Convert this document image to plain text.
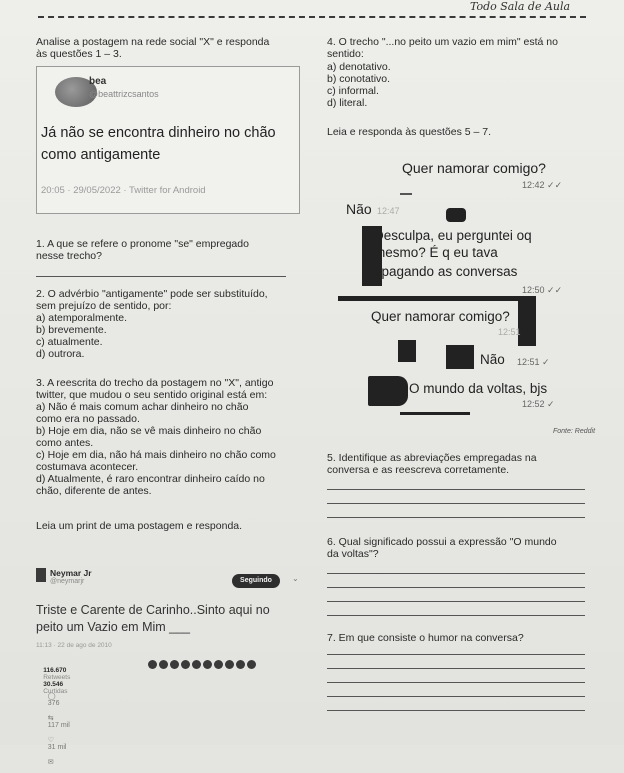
Todo Sala de Aula
Analise a postagem na rede social "X" e responda
às questões 1 – 3.
bea
@beattrizcsantos
Já não se encontra dinheiro no chão
como antigamente
20:05 · 29/05/2022 · Twitter for Android
1. A que se refere o pronome "se" empregado
nesse trecho?
2. O advérbio "antigamente" pode ser substituído,
sem prejuízo de sentido, por:
a) atemporalmente.
b) brevemente.
c) atualmente.
d) outrora.
3. A reescrita do trecho da postagem no "X", antigo
twitter, que mudou o seu sentido original está em:
a) Não é mais comum achar dinheiro no chão
como era no passado.
b) Hoje em dia, não se vê mais dinheiro no chão
como antes.
c) Hoje em dia, não há mais dinheiro no chão como
costumava acontecer.
d) Atualmente, é raro encontrar dinheiro caído no
chão, diferente de antes.
Leia um print de uma postagem e responda.
Neymar Jr
@neymarjr	Seguindo	⌄
Triste e Carente de Carinho..Sinto aqui no
peito um Vazio em Mim ___
11:13 · 22 de ago de 2010

116.670
Retweets
30.546
Curtidas

◯
376

⇆
117 mil

♡
31 mil

✉

4. O trecho "...no peito um vazio em mim" está no
sentido:
a) denotativo.
b) conotativo.
c) informal.
d) literal.
Leia e responda às questões 5 – 7.
Quer namorar comigo?
12:42 ✓✓
Não 12:47
Desculpa, eu perguntei oq
mesmo? É q eu tava
apagando as conversas
12:50 ✓✓
Quer namorar comigo?
12:51
Não 12:51 ✓
O mundo da voltas, bjs
12:52 ✓
Fonte: Reddit
5. Identifique as abreviações empregadas na
conversa e as reescreva corretamente.
6. Qual significado possui a expressão "O mundo
da voltas"?
7. Em que consiste o humor na conversa?
